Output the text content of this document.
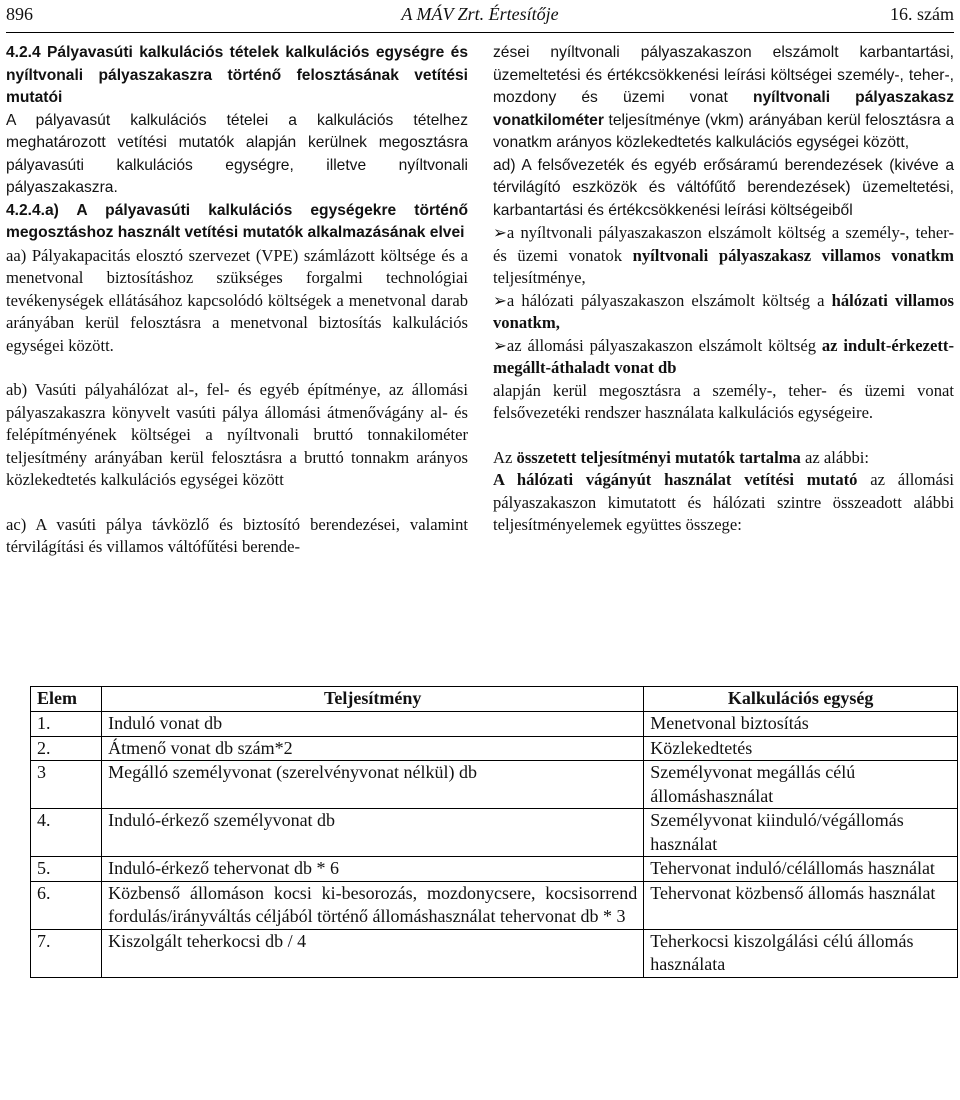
896	A MÁV Zrt. Értesítője	16. szám

4.2.4 Pályavasúti kalkulációs tételek kalkulációs egységre és nyíltvonali pályaszakaszra történő felosztásának vetítési mutatói

A pályavasút kalkulációs tételei a kalkulációs tételhez meghatározott vetítési mutatók alapján kerülnek megosztásra pályavasúti kalkulációs egységre, illetve nyíltvonali pályaszakaszra.

4.2.4.a) A pályavasúti kalkulációs egységekre történő megosztáshoz használt vetítési mutatók alkalmazásának elvei

aa) Pályakapacitás elosztó szervezet (VPE) számlázott költsége és a menetvonal biztosításhoz szükséges forgalmi technológiai tevékenységek ellátásához kapcsolódó költségek a menetvonal darab arányában kerül felosztásra a menetvonal biztosítás kalkulációs egységei között.

ab) Vasúti pályahálózat al-, fel- és egyéb építménye, az állomási pályaszakaszra könyvelt vasúti pálya állomási átmenővágány al- és felépítményének költségei a nyíltvonali bruttó tonnakilométer teljesítmény arányában kerül felosztásra a bruttó tonnakm arányos közlekedtetés kalkulációs egységei között

ac) A vasúti pálya távközlő és biztosító berendezései, valamint térvilágítási és villamos váltófűtési berende-

zései nyíltvonali pályaszakaszon elszámolt karbantartási, üzemeltetési és értékcsökkenési leírási költségei személy-, teher-, mozdony és üzemi vonat nyíltvonali pályaszakasz vonatkilométer teljesítménye (vkm) arányában kerül felosztásra a vonatkm arányos közlekedtetés kalkulációs egységei között,

ad) A felsővezeték és egyéb erősáramú berendezések (kivéve a térvilágító eszközök és váltófűtő berendezések) üzemeltetési, karbantartási és értékcsökkenési leírási költségeiből

➢a nyíltvonali pályaszakaszon elszámolt költség a személy-, teher- és üzemi vonatok nyíltvonali pályaszakasz villamos vonatkm teljesítménye,

➢a hálózati pályaszakaszon elszámolt költség a hálózati villamos vonatkm,

➢az állomási pályaszakaszon elszámolt költség az indult-érkezett-megállt-áthaladt vonat db

alapján kerül megosztásra a személy-, teher- és üzemi vonat felsővezetéki rendszer használata kalkulációs egységeire.

Az összetett teljesítményi mutatók tartalma az alábbi:

A hálózati vágányút használat vetítési mutató az állomási pályaszakaszon kimutatott és hálózati szintre összeadott alábbi teljesítményelemek együttes összege:

Elem	Teljesítmény	Kalkulációs egység
1.	Induló vonat db	Menetvonal biztosítás
2.	Átmenő vonat db szám*2	Közlekedtetés
3	Megálló személyvonat (szerelvényvonat nélkül) db	Személyvonat megállás célú állomáshasználat
4.	Induló-érkező személyvonat db	Személyvonat kiinduló/végállomás használat
5.	Induló-érkező tehervonat db * 6	Tehervonat induló/célállomás használat
6.	Közbenső állomáson kocsi ki-besorozás, mozdonycsere, kocsisorrend fordulás/irányváltás céljából történő állomáshasználat tehervonat db * 3	Tehervonat közbenső állomás használat
7.	Kiszolgált teherkocsi db / 4	Teherkocsi kiszolgálási célú állomás használata
